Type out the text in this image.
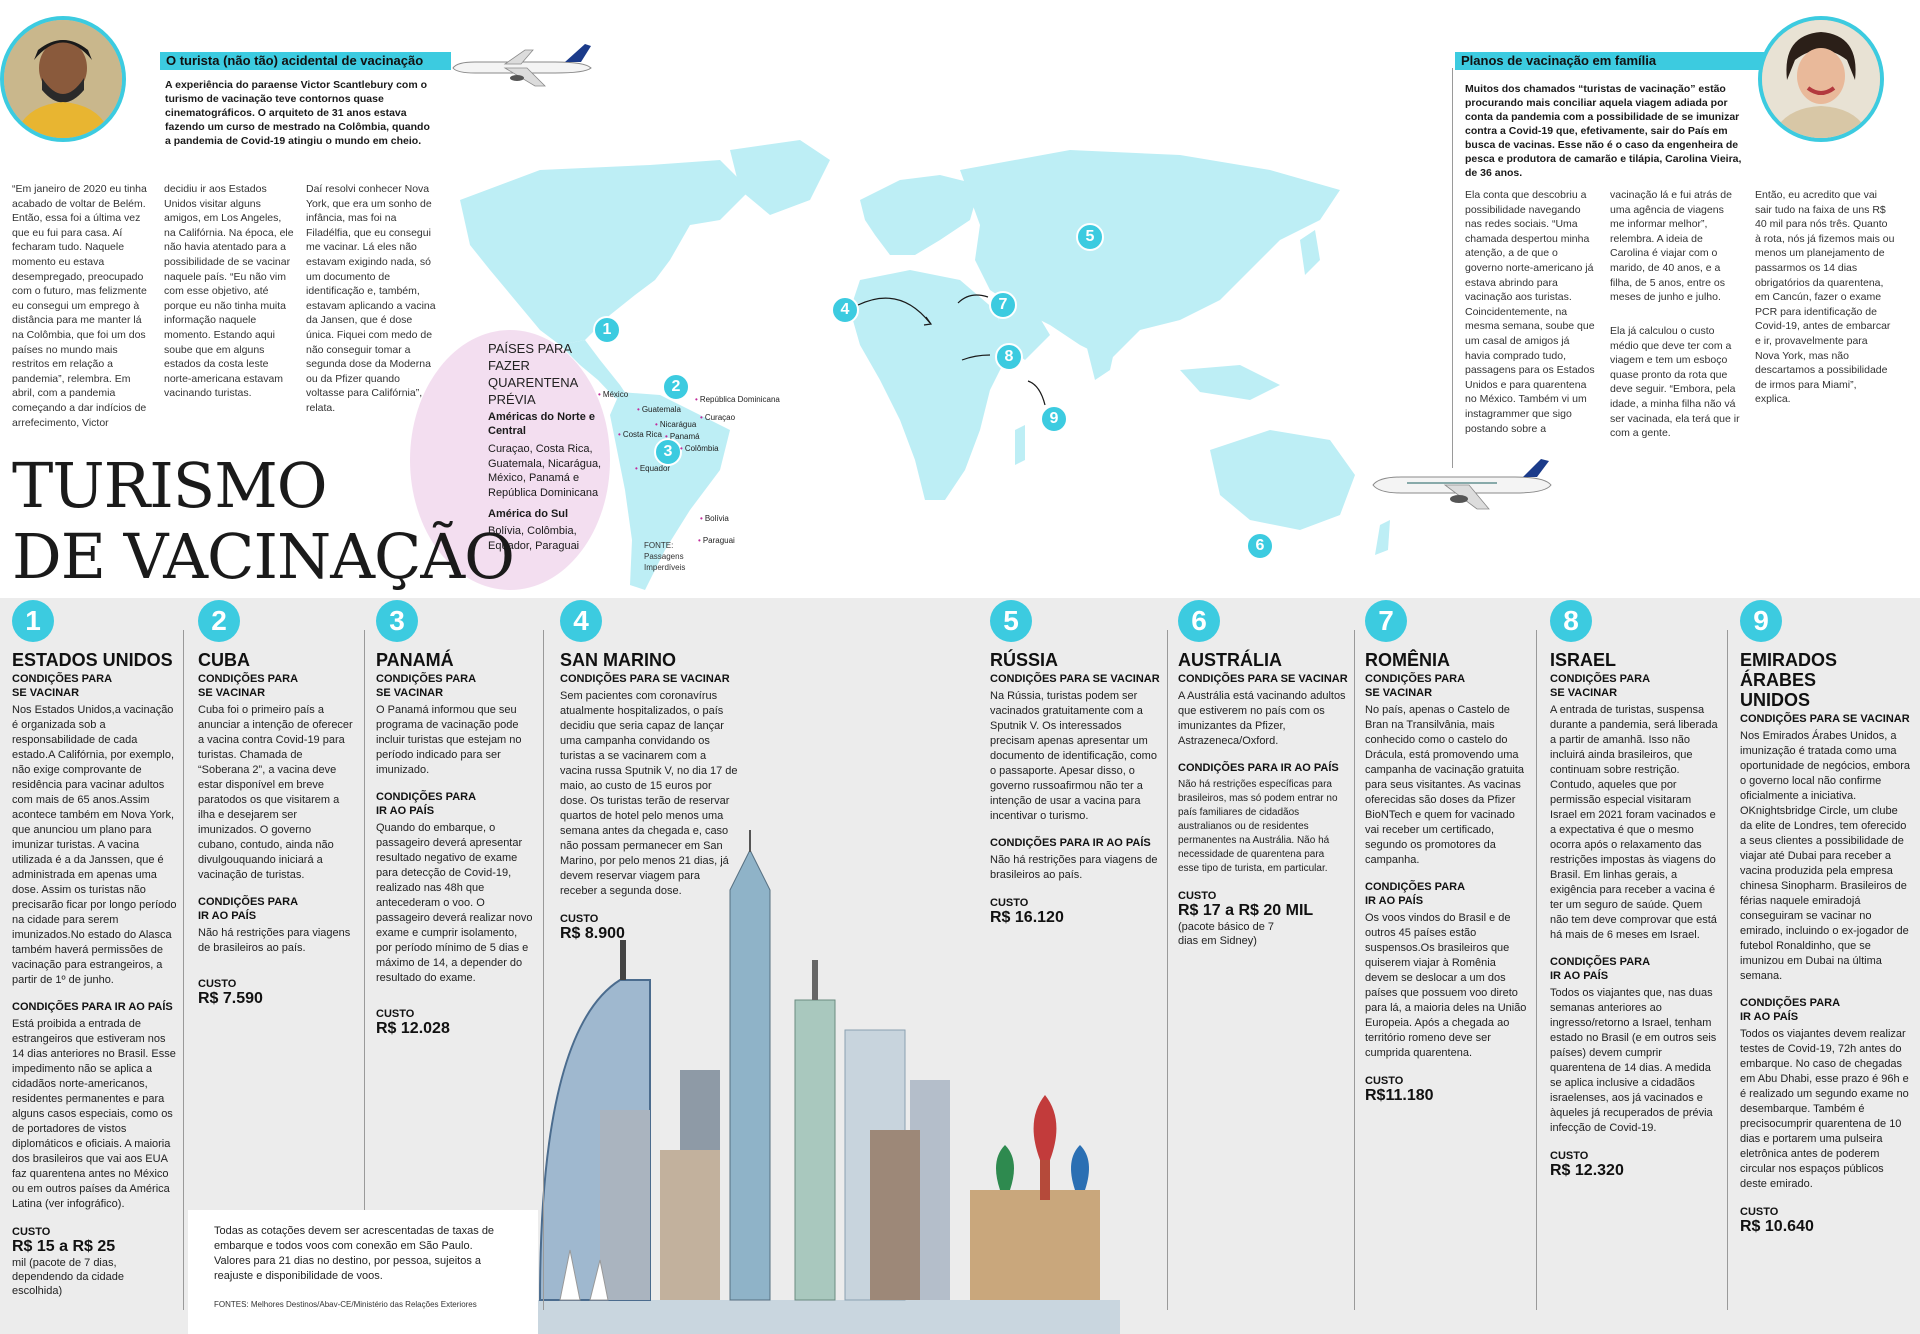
1
2
3
4
5
6
7
8
9
• México
• Guatemala
• República Dominicana
• Nicarágua
• Curaçao
• Costa Rica
• Panamá
• Colômbia
• Equador
• Bolívia
• Paraguai
PAÍSES PARA FAZER QUARENTENA PRÉVIA
Américas do Norte e Central
Curaçao, Costa Rica, Guatemala, Nicarágua, México, Panamá e República Dominicana
América do Sul
Bolívia, Colômbia, Equador, Paraguai	FONTE: Passagens Imperdíveis
O turista (não tão) acidental de vacinação
A experiência do paraense Victor Scantlebury com o turismo de vacinação teve contornos quase cinematográficos. O arquiteto de 31 anos estava fazendo um curso de mestrado na Colômbia, quando a pandemia de Covid-19 atingiu o mundo em cheio.
“Em janeiro de 2020 eu tinha acabado de voltar de Belém. Então, essa foi a última vez que eu fui para casa. Aí fecharam tudo. Naquele momento eu estava desempregado, preocupado com o futuro, mas felizmente eu consegui um emprego à distância para me manter lá na Colômbia, que foi um dos países no mundo mais restritos em relação a pandemia”, relembra. Em abril, com a pandemia começando a dar indícios de arrefecimento, Victor
decidiu ir aos Estados Unidos visitar alguns amigos, em Los Angeles, na Califórnia. Na época, ele não havia atentado para a possibilidade de se vacinar naquele país. “Eu não vim com esse objetivo, até porque eu não tinha muita informação naquele momento. Estando aqui soube que em alguns estados da costa leste norte-americana estavam vacinando turistas.
Daí resolvi conhecer Nova York, que era um sonho de infância, mas foi na Filadélfia, que eu consegui me vacinar. Lá eles não estavam exigindo nada, só um documento de identificação e, também, estavam aplicando a vacina da Jansen, que é dose única. Fiquei com medo de não conseguir tomar a segunda dose da Moderna ou da Pfizer quando voltasse para Califórnia”, relata.
TURISMO
DE VACINAÇÃO
Planos de vacinação em família
Muitos dos chamados “turistas de vacinação” estão procurando mais conciliar aquela viagem adiada por conta da pandemia com a possibilidade de se imunizar contra a Covid-19 que, efetivamente, sair do País em busca de vacinas. Esse não é o caso da engenheira de pesca e produtora de camarão e tilápia, Carolina Vieira, de 36 anos.
Ela conta que descobriu a possibilidade navegando nas redes sociais. “Uma chamada despertou minha atenção, a de que o governo norte-americano já estava abrindo para vacinação aos turistas. Coincidentemente, na mesma semana, soube que um casal de amigos já havia comprado tudo, passagens para os Estados Unidos e para quarentena no México. Também vi um instagrammer que sigo postando sobre a
vacinação lá e fui atrás de uma agência de viagens me informar melhor”, relembra. A ideia de Carolina é viajar com o marido, de 40 anos, e a filha, de 5 anos, entre os meses de junho e julho.
Ela já calculou o custo médio que deve ter com a viagem e tem um esboço quase pronto da rota que deve seguir. “Embora, pela idade, a minha filha não vá ser vacinada, ela terá que ir com a gente.
Então, eu acredito que vai sair tudo na faixa de uns R$ 40 mil para nós três. Quanto à rota, nós já fizemos mais ou menos um planejamento de passarmos os 14 dias obrigatórios da quarentena, em Cancún, fazer o exame PCR para identificação de Covid-19, antes de embarcar e ir, provavelmente para Nova York, mas não descartamos a possibilidade de irmos para Miami”, explica.
1
ESTADOS UNIDOS
CONDIÇÕES PARA SE VACINAR
Nos Estados Unidos,a vacinação é organizada sob a responsabilidade de cada estado.A Califórnia, por exemplo, não exige comprovante de residência para vacinar adultos com mais de 65 anos.Assim acontece também em Nova York, que anunciou um plano para imunizar turistas. A vacina utilizada é a da Janssen, que é administrada em apenas uma dose. Assim os turistas não precisarão ficar por longo período na cidade para serem imunizados.No estado do Alasca também haverá permissões de vacinação para estrangeiros, a partir de 1º de junho.
CONDIÇÕES PARA IR AO PAÍS
Está proibida a entrada de estrangeiros que estiveram nos 14 dias anteriores no Brasil. Esse impedimento não se aplica a cidadãos norte-americanos, residentes permanentes e para alguns casos especiais, como os de portadores de vistos diplomáticos e oficiais. A maioria dos brasileiros que vai aos EUA faz quarentena antes no México ou em outros países da América Latina (ver infográfico).
CUSTO
R$ 15 a R$ 25
mil (pacote de 7 dias, dependendo da cidade escolhida)
2
CUBA
CONDIÇÕES PARA SE VACINAR
Cuba foi o primeiro país a anunciar a intenção de oferecer a vacina contra Covid-19 para turistas. Chamada de “Soberana 2”, a vacina deve estar disponível em breve paratodos os que visitarem a ilha e desejarem ser imunizados. O governo cubano, contudo, ainda não divulgouquando iniciará a vacinação de turistas.
CONDIÇÕES PARA IR AO PAÍS
Não há restrições para viagens de brasileiros ao país.
CUSTO
R$ 7.590
3
PANAMÁ
CONDIÇÕES PARA SE VACINAR
O Panamá informou que seu programa de vacinação pode incluir turistas que estejam no período indicado para ser imunizado.
CONDIÇÕES PARA IR AO PAÍS
Quando do embarque, o passageiro deverá apresentar resultado negativo de exame para detecção de Covid-19, realizado nas 48h que antecederam o voo. O passageiro deverá realizar novo exame e cumprir isolamento, por período mínimo de 5 dias e máximo de 14, a depender do resultado do exame.
CUSTO
R$ 12.028
4
SAN MARINO
CONDIÇÕES PARA SE VACINAR
Sem pacientes com coronavírus atualmente hospitalizados, o país decidiu que seria capaz de lançar uma campanha convidando os turistas a se vacinarem com a vacina russa Sputnik V, no dia 17 de maio, ao custo de 15 euros por dose. Os turistas terão de reservar quartos de hotel pelo menos uma semana antes da chegada e, caso não possam permanecer em San Marino, por pelo menos 21 dias, já devem reservar viagem para receber a segunda dose.
CUSTO
R$ 8.900
5
RÚSSIA
CONDIÇÕES PARA SE VACINAR
Na Rússia, turistas podem ser vacinados gratuitamente com a Sputnik V. Os interessados precisam apenas apresentar um documento de identificação, como o passaporte. Apesar disso, o governo russoafirmou não ter a intenção de usar a vacina para incentivar o turismo.
CONDIÇÕES PARA IR AO PAÍS
Não há restrições para viagens de brasileiros ao país.
CUSTO
R$ 16.120
6
AUSTRÁLIA
CONDIÇÕES PARA SE VACINAR
A Austrália está vacinando adultos que estiverem no país com os imunizantes da Pfizer, Astrazeneca/Oxford.
CONDIÇÕES PARA IR AO PAÍS
Não há restrições específicas para brasileiros, mas só podem entrar no país familiares de cidadãos australianos ou de residentes permanentes na Austrália. Não há necessidade de quarentena para esse tipo de turista, em particular.
CUSTO
R$ 17 a R$ 20 MIL
(pacote básico de 7 dias em Sidney)
7
ROMÊNIA
CONDIÇÕES PARA SE VACINAR
No país, apenas o Castelo de Bran na Transilvânia, mais conhecido como o castelo do Drácula, está promovendo uma campanha de vacinação gratuita para seus visitantes. As vacinas oferecidas são doses da Pfizer BioNTech e quem for vacinado vai receber um certificado, segundo os promotores da campanha.
CONDIÇÕES PARA IR AO PAÍS
Os voos vindos do Brasil e de outros 45 países estão suspensos.Os brasileiros que quiserem viajar à Romênia devem se deslocar a um dos países que possuem voo direto para lá, a maioria deles na União Europeia. Após a chegada ao território romeno deve ser cumprida quarentena.
CUSTO
R$11.180
8
ISRAEL
CONDIÇÕES PARA SE VACINAR
A entrada de turistas, suspensa durante a pandemia, será liberada a partir de amanhã. Isso não incluirá ainda brasileiros, que continuam sobre restrição. Contudo, aqueles que por permissão especial visitaram Israel em 2021 foram vacinados e a expectativa é que o mesmo ocorra após o relaxamento das restrições impostas às viagens do Brasil. Em linhas gerais, a exigência para receber a vacina é ter um seguro de saúde. Quem não tem deve comprovar que está há mais de 6 meses em Israel.
CONDIÇÕES PARA IR AO PAÍS
Todos os viajantes que, nas duas semanas anteriores ao ingresso/retorno a Israel, tenham estado no Brasil (e em outros seis países) devem cumprir quarentena de 14 dias. A medida se aplica inclusive a cidadãos israelenses, aos já vacinados e àqueles já recuperados de prévia infecção de Covid-19.
CUSTO
R$ 12.320
9
EMIRADOS ÁRABES UNIDOS
CONDIÇÕES PARA SE VACINAR
Nos Emirados Árabes Unidos, a imunização é tratada como uma oportunidade de negócios, embora o governo local não confirme oficialmente a iniciativa. OKnightsbridge Circle, um clube da elite de Londres, tem oferecido a seus clientes a possibilidade de viajar até Dubai para receber a vacina produzida pela empresa chinesa Sinopharm. Brasileiros de férias naquele emiradojá conseguiram se vacinar no emirado, incluindo o ex-jogador de futebol Ronaldinho, que se imunizou em Dubai na última semana.
CONDIÇÕES PARA IR AO PAÍS
Todos os viajantes devem realizar testes de Covid-19, 72h antes do embarque. No caso de chegadas em Abu Dhabi, esse prazo é 96h e é realizado um segundo exame no desembarque. Também é precisocumprir quarentena de 10 dias e portarem uma pulseira eletrônica antes de poderem circular nos espaços públicos deste emirado.
CUSTO
R$ 10.640
Todas as cotações devem ser acrescentadas de taxas de embarque e todos voos com conexão em São Paulo. Valores para 21 dias no destino, por pessoa, sujeitos a reajuste e disponibilidade de voos.
FONTES: Melhores Destinos/Abav-CE/Ministério das Relações Exteriores
